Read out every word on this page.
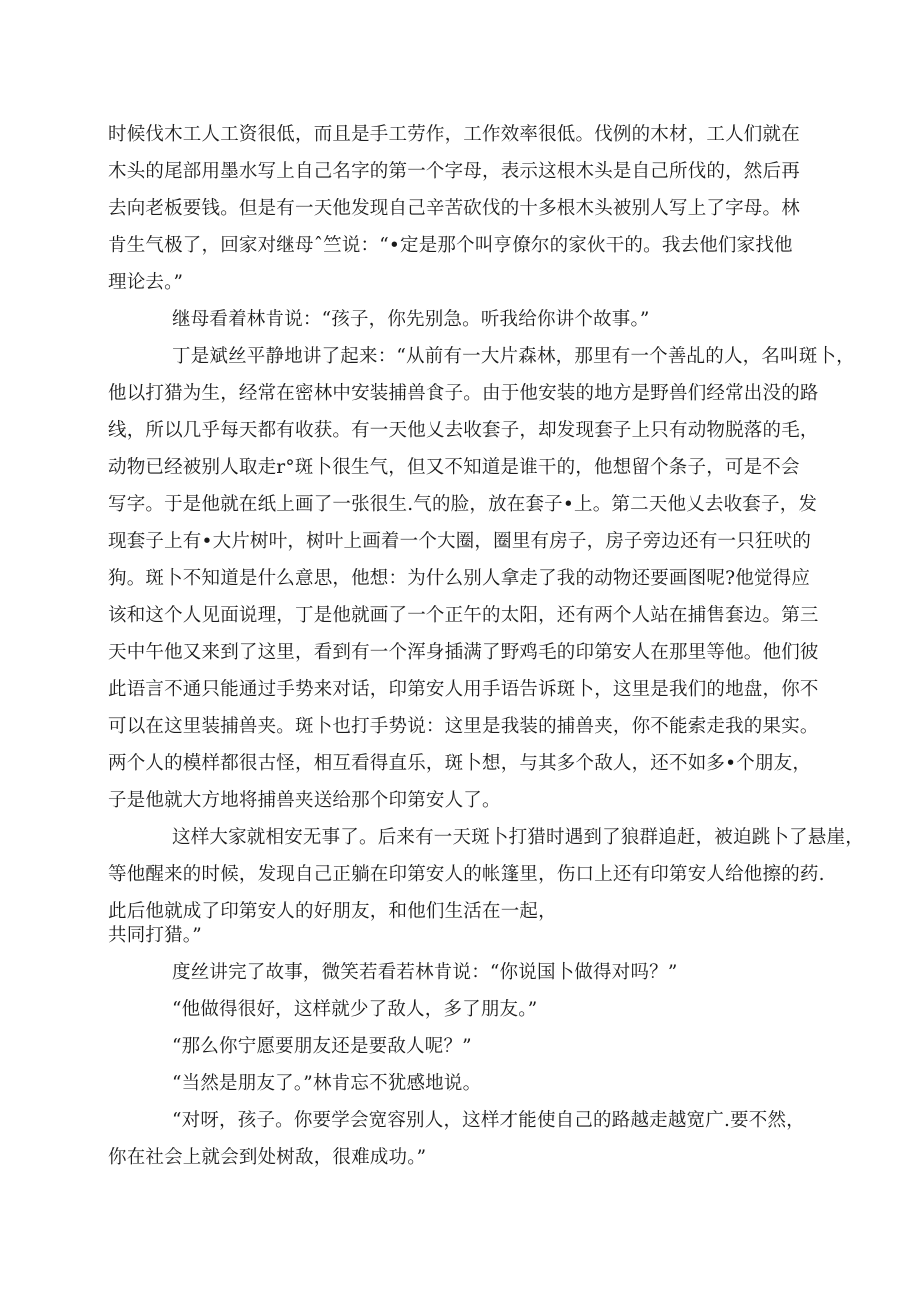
时候伐木工人工资很低，而且是手工劳作，工作效率很低。伐例的木材，工人们就在
木头的尾部用墨水写上自己名字的第一个字母，表示这根木头是自己所伐的，然后再
去向老板要钱。但是有一天他发现自己辛苦砍伐的十多根木头被别人写上了字母。林
肯生气极了，回家对继母ˆ竺说：“•定是那个叫亨僚尔的家伙干的。我去他们家找他
理论去。”
继母看着林肯说：“孩子，你先别急。听我给你讲个故事。”
丁是斌丝平静地讲了起来：“从前有一大片森林，那里有一个善乩的人，名叫斑卜，
他以打猎为生，经常在密林中安装捕兽食子。由于他安装的地方是野兽们经常出没的路
线，所以几乎每天都有收获。有一天他乂去收套子，却发现套子上只有动物脱落的毛，
动物已经被别人取走r°斑卜很生气，但又不知道是谁干的，他想留个条子，可是不会
写字。于是他就在纸上画了一张很生.气的脸，放在套子•上。第二天他乂去收套子，发
现套子上有•大片树叶，树叶上画着一个大圈，圈里有房子，房子旁边还有一只狂吠的
狗。斑卜不知道是什么意思，他想：为什么别人拿走了我的动物还要画图呢?他觉得应
该和这个人见面说理，丁是他就画了一个正午的太阳，还有两个人站在捕售套边。第三
天中午他又来到了这里，看到有一个浑身插满了野鸡毛的印第安人在那里等他。他们彼
此语言不通只能通过手势来对话，印第安人用手语告诉斑卜，这里是我们的地盘，你不
可以在这里装捕兽夹。斑卜也打手势说：这里是我装的捕兽夹，你不能索走我的果实。
两个人的模样都很古怪，相互看得直乐，斑卜想，与其多个敌人，还不如多•个朋友，
子是他就大方地将捕兽夹送给那个印第安人了。
这样大家就相安无事了。后来有一天斑卜打猎时遇到了狼群追赶，被迫跳卜了悬崖，
等他醒来的时候，发现自己正躺在印第安人的帐篷里，伤口上还有印第安人给他擦的药.
此后他就成了印第安人的好朋友，和他们生活在一起，
共同打猎。”
度丝讲完了故事，微笑若看若林肯说：“你说国卜做得对吗？”
“他做得很好，这样就少了敌人，多了朋友。”
“那么你宁愿要朋友还是要敌人呢？”
“当然是朋友了。”林肯忘不犹感地说。
“对呀，孩子。你要学会宽容别人，这样才能使自己的路越走越宽广.要不然，
你在社会上就会到处树敌，很难成功。”
